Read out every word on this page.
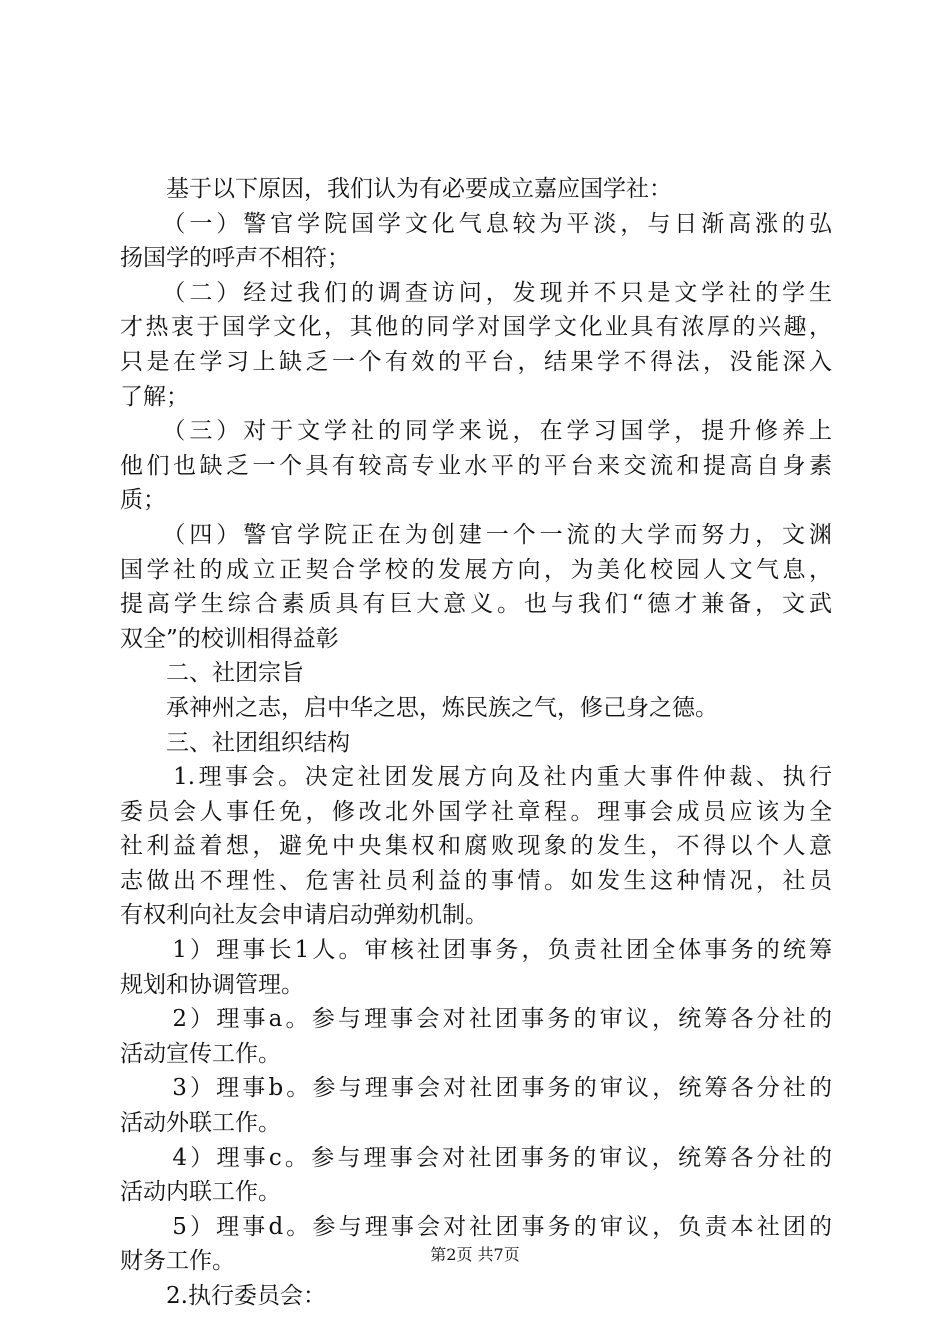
　　基于以下原因，我们认为有必要成立嘉应国学社：
　　（一）警官学院国学文化气息较为平淡，与日渐高涨的弘
扬国学的呼声不相符；
　　（二）经过我们的调查访问，发现并不只是文学社的学生
才热衷于国学文化，其他的同学对国学文化业具有浓厚的兴趣，
只是在学习上缺乏一个有效的平台，结果学不得法，没能深入
了解；
　　（三）对于文学社的同学来说，在学习国学，提升修养上
他们也缺乏一个具有较高专业水平的平台来交流和提高自身素
质；
　　（四）警官学院正在为创建一个一流的大学而努力，文渊
国学社的成立正契合学校的发展方向，为美化校园人文气息，
提高学生综合素质具有巨大意义。也与我们“德才兼备，文武
双全”的校训相得益彰
　　二、社团宗旨
　　承神州之志，启中华之思，炼民族之气，修己身之德。
　　三、社团组织结构
　　1.理事会。决定社团发展方向及社内重大事件仲裁、执行
委员会人事任免，修改北外国学社章程。理事会成员应该为全
社利益着想，避免中央集权和腐败现象的发生，不得以个人意
志做出不理性、危害社员利益的事情。如发生这种情况，社员
有权利向社友会申请启动弹劾机制。
　　1）理事长1人。审核社团事务，负责社团全体事务的统筹
规划和协调管理。
　　2）理事a。参与理事会对社团事务的审议，统筹各分社的
活动宣传工作。
　　3）理事b。参与理事会对社团事务的审议，统筹各分社的
活动外联工作。
　　4）理事c。参与理事会对社团事务的审议，统筹各分社的
活动内联工作。
　　5）理事d。参与理事会对社团事务的审议，负责本社团的
财务工作。
　　2.执行委员会：
第2页 共7页
